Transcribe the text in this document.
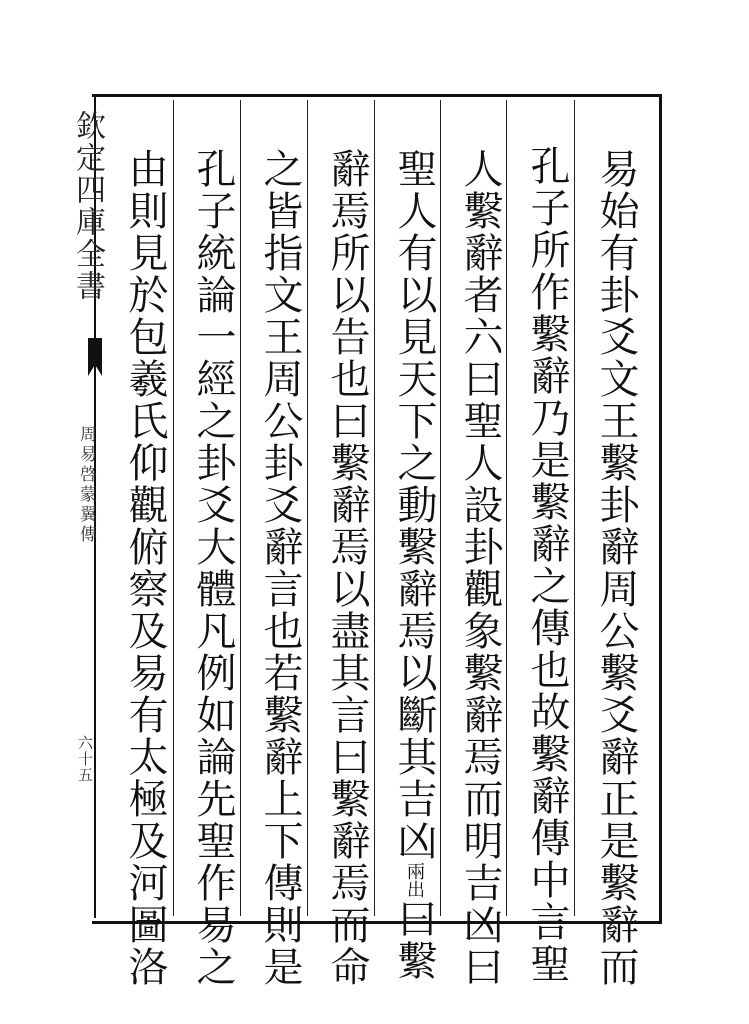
欽定四庫全書
周易啓蒙翼傳
六十五	易始有卦爻文王繫卦辭周公繫爻辭正是繫辭而
孔子所作繫辭乃是繫辭之傳也故繫辭傳中言聖
人繫辭者六曰聖人設卦觀象繫辭焉而明吉凶曰
聖人有以見天下之動繫辭焉以斷其吉凶兩出曰繫
辭焉所以告也曰繫辭焉以盡其言曰繫辭焉而命
之皆指文王周公卦爻辭言也若繫辭上下傳則是
孔子統論一經之卦爻大體凡例如論先聖作易之
由則見於包羲氏仰觀俯察及易有太極及河圖洛
